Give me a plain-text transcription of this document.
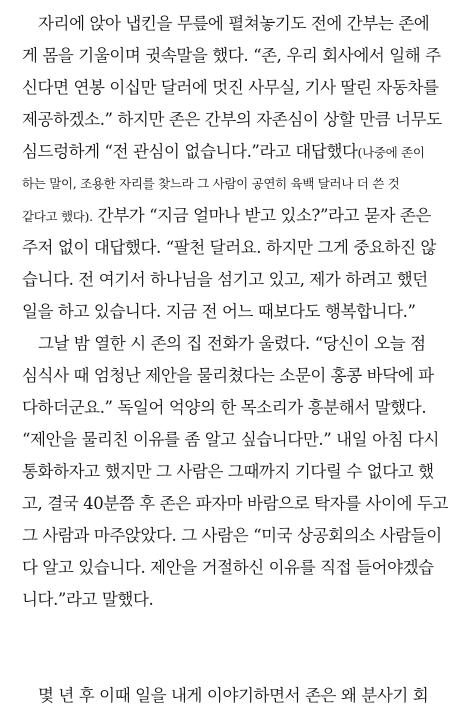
자리에 앉아 냅킨을 무릎에 펼쳐놓기도 전에 간부는 존에
게 몸을 기울이며 귓속말을 했다. “존, 우리 회사에서 일해 주
신다면 연봉 이십만 달러에 멋진 사무실, 기사 딸린 자동차를
제공하겠소.” 하지만 존은 간부의 자존심이 상할 만큼 너무도
심드렁하게 “전 관심이 없습니다.”라고 대답했다(나중에 존이
하는 말이, 조용한 자리를 찾느라 그 사람이 공연히 육백 달러나 더 쓴 것
같다고 했다). 간부가 “지금 얼마나 받고 있소?”라고 묻자 존은
주저 없이 대답했다. “팔천 달러요. 하지만 그게 중요하진 않
습니다. 전 여기서 하나님을 섬기고 있고, 제가 하려고 했던
일을 하고 있습니다. 지금 전 어느 때보다도 행복합니다.”
그날 밤 열한 시 존의 집 전화가 울렸다. “당신이 오늘 점
심식사 때 엄청난 제안을 물리쳤다는 소문이 홍콩 바닥에 파
다하더군요.” 독일어 억양의 한 목소리가 흥분해서 말했다.
“제안을 물리친 이유를 좀 알고 싶습니다만.” 내일 아침 다시
통화하자고 했지만 그 사람은 그때까지 기다릴 수 없다고 했
고, 결국 40분쯤 후 존은 파자마 바람으로 탁자를 사이에 두고
그 사람과 마주앉았다. 그 사람은 “미국 상공회의소 사람들이
다 알고 있습니다. 제안을 거절하신 이유를 직접 들어야겠습
니다.”라고 말했다.
몇 년 후 이때 일을 내게 이야기하면서 존은 왜 분사기 회
